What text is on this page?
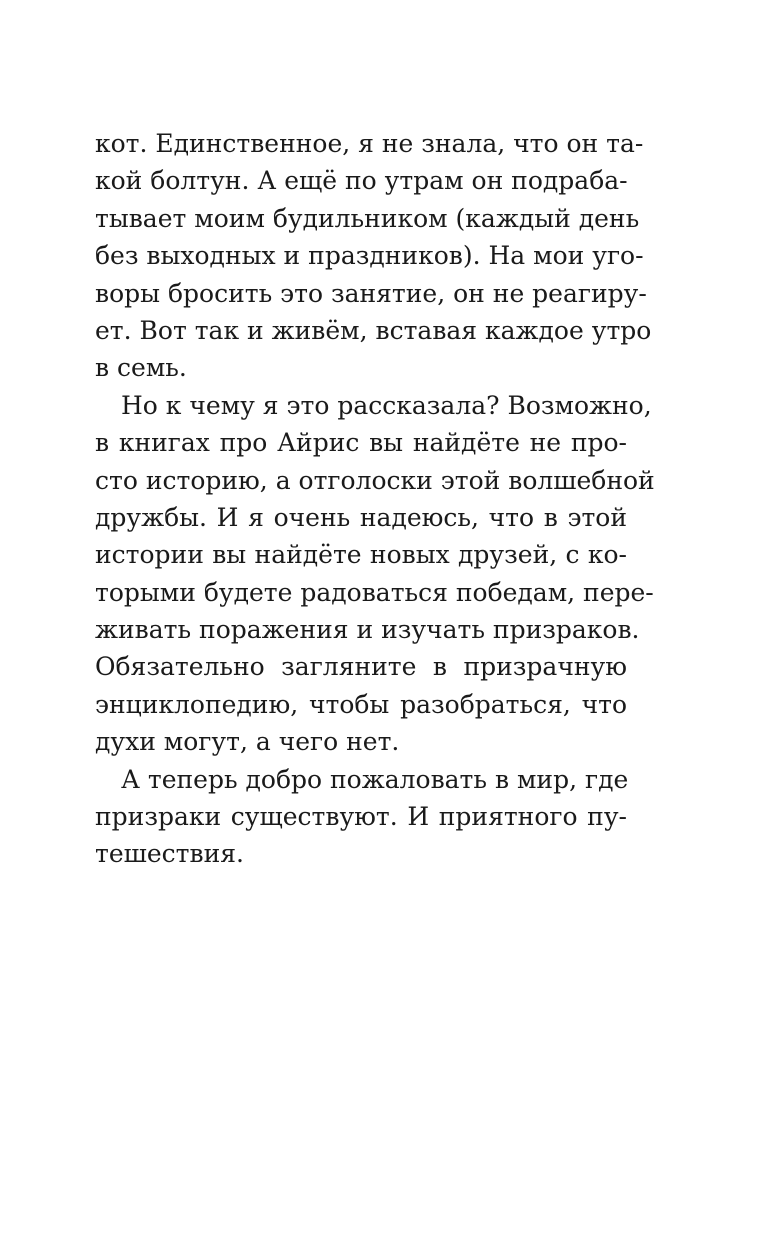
кот. Единственное, я не знала, что он та-
кой болтун. А ещё по утрам он подраба-
тывает моим будильником (каждый день
без выходных и праздников). На мои уго-
воры бросить это занятие, он не реагиру-
ет. Вот так и живём, вставая каждое утро
в семь.

Но к чему я это рассказала? Возможно,
в книгах про Айрис вы найдёте не про-
сто историю, а отголоски этой волшебной
дружбы. И я очень надеюсь, что в этой
истории вы найдёте новых друзей, с ко-
торыми будете радоваться победам, пере-
живать поражения и изучать призраков.
Обязательно загляните в призрачную
энциклопедию, чтобы разобраться, что
духи могут, а чего нет.

А теперь добро пожаловать в мир, где
призраки существуют. И приятного пу-
тешествия.
